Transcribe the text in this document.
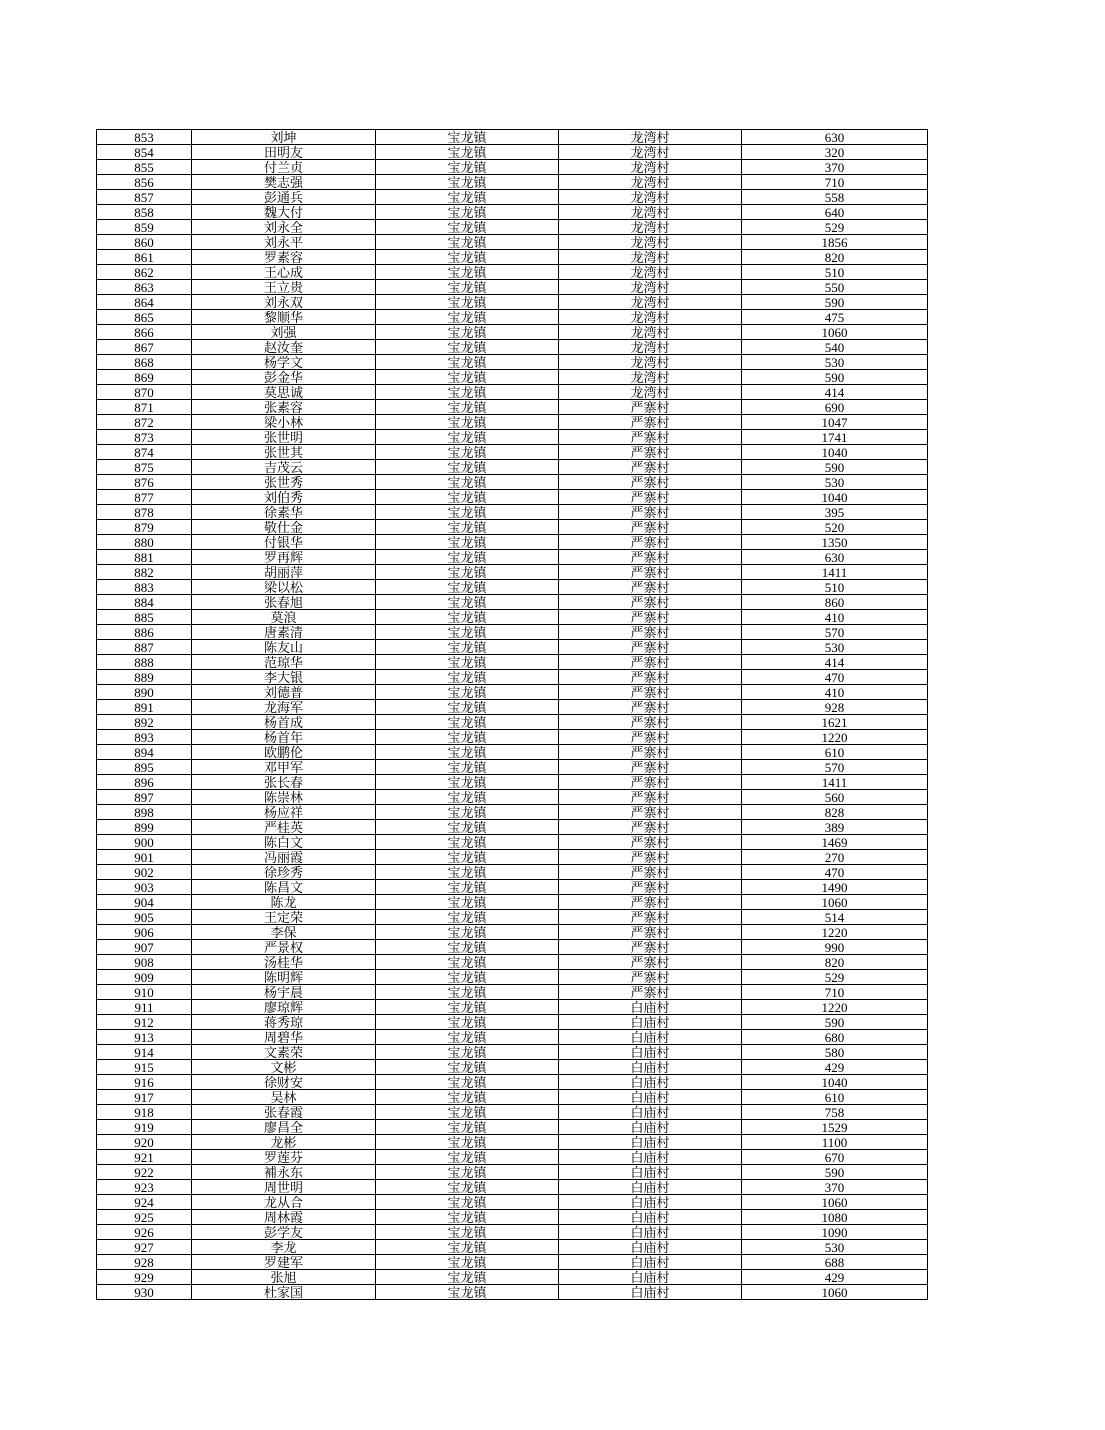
853	刘坤	宝龙镇	龙湾村	630
854	田明友	宝龙镇	龙湾村	320
855	付兰贞	宝龙镇	龙湾村	370
856	樊志强	宝龙镇	龙湾村	710
857	彭通兵	宝龙镇	龙湾村	558
858	魏大付	宝龙镇	龙湾村	640
859	刘永全	宝龙镇	龙湾村	529
860	刘永平	宝龙镇	龙湾村	1856
861	罗素容	宝龙镇	龙湾村	820
862	王心成	宝龙镇	龙湾村	510
863	王立贵	宝龙镇	龙湾村	550
864	刘永双	宝龙镇	龙湾村	590
865	黎顺华	宝龙镇	龙湾村	475
866	刘强	宝龙镇	龙湾村	1060
867	赵汝奎	宝龙镇	龙湾村	540
868	杨学文	宝龙镇	龙湾村	530
869	彭金华	宝龙镇	龙湾村	590
870	莫思诚	宝龙镇	龙湾村	414
871	张素容	宝龙镇	严寨村	690
872	梁小林	宝龙镇	严寨村	1047
873	张世明	宝龙镇	严寨村	1741
874	张世其	宝龙镇	严寨村	1040
875	吉茂云	宝龙镇	严寨村	590
876	张世秀	宝龙镇	严寨村	530
877	刘伯秀	宝龙镇	严寨村	1040
878	徐素华	宝龙镇	严寨村	395
879	敬仕金	宝龙镇	严寨村	520
880	付银华	宝龙镇	严寨村	1350
881	罗再辉	宝龙镇	严寨村	630
882	胡丽萍	宝龙镇	严寨村	1411
883	梁以松	宝龙镇	严寨村	510
884	张春旭	宝龙镇	严寨村	860
885	莫浪	宝龙镇	严寨村	410
886	唐素清	宝龙镇	严寨村	570
887	陈友山	宝龙镇	严寨村	530
888	范琼华	宝龙镇	严寨村	414
889	李大银	宝龙镇	严寨村	470
890	刘德普	宝龙镇	严寨村	410
891	龙海军	宝龙镇	严寨村	928
892	杨首成	宝龙镇	严寨村	1621
893	杨首年	宝龙镇	严寨村	1220
894	欧鹏伦	宝龙镇	严寨村	610
895	邓甲军	宝龙镇	严寨村	570
896	张长春	宝龙镇	严寨村	1411
897	陈崇林	宝龙镇	严寨村	560
898	杨应祥	宝龙镇	严寨村	828
899	严桂英	宝龙镇	严寨村	389
900	陈白文	宝龙镇	严寨村	1469
901	冯丽霞	宝龙镇	严寨村	270
902	徐珍秀	宝龙镇	严寨村	470
903	陈昌文	宝龙镇	严寨村	1490
904	陈龙	宝龙镇	严寨村	1060
905	王定荣	宝龙镇	严寨村	514
906	李保	宝龙镇	严寨村	1220
907	严景权	宝龙镇	严寨村	990
908	汤桂华	宝龙镇	严寨村	820
909	陈明辉	宝龙镇	严寨村	529
910	杨宇晨	宝龙镇	严寨村	710
911	廖琼辉	宝龙镇	白庙村	1220
912	蒋秀琼	宝龙镇	白庙村	590
913	周碧华	宝龙镇	白庙村	680
914	文素荣	宝龙镇	白庙村	580
915	文彬	宝龙镇	白庙村	429
916	徐财安	宝龙镇	白庙村	1040
917	吴林	宝龙镇	白庙村	610
918	张春霞	宝龙镇	白庙村	758
919	廖昌全	宝龙镇	白庙村	1529
920	龙彬	宝龙镇	白庙村	1100
921	罗莲芬	宝龙镇	白庙村	670
922	補永东	宝龙镇	白庙村	590
923	周世明	宝龙镇	白庙村	370
924	龙从合	宝龙镇	白庙村	1060
925	周林霞	宝龙镇	白庙村	1080
926	彭学友	宝龙镇	白庙村	1090
927	李龙	宝龙镇	白庙村	530
928	罗建军	宝龙镇	白庙村	688
929	张旭	宝龙镇	白庙村	429
930	杜家国	宝龙镇	白庙村	1060
